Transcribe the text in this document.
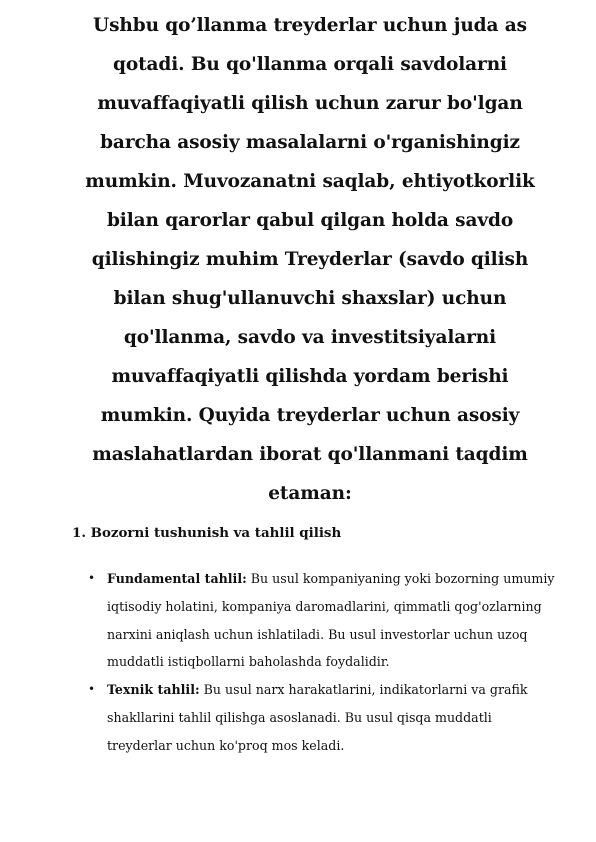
Ushbu qo’llanma treyderlar uchun juda as qotadi. Bu qo'llanma orqali savdolarni muvaffaqiyatli qilish uchun zarur bo'lgan barcha asosiy masalalarni o'rganishingiz mumkin. Muvozanatni saqlab, ehtiyotkorlik bilan qarorlar qabul qilgan holda savdo qilishingiz muhim Treyderlar (savdo qilish bilan shug'ullanuvchi shaxslar) uchun qo'llanma, savdo va investitsiyalarni muvaffaqiyatli qilishda yordam berishi mumkin. Quyida treyderlar uchun asosiy maslahatlardan iborat qo'llanmani taqdim etaman:

1. Bozorni tushunish va tahlil qilish

• Fundamental tahlil: Bu usul kompaniyaning yoki bozorning umumiy iqtisodiy holatini, kompaniya daromadlarini, qimmatli qog'ozlarning narxini aniqlash uchun ishlatiladi. Bu usul investorlar uchun uzoq muddatli istiqbollarni baholashda foydalidir.
• Texnik tahlil: Bu usul narx harakatlarini, indikatorlarni va grafik shakllarini tahlil qilishga asoslanadi. Bu usul qisqa muddatli treyderlar uchun ko'proq mos keladi.
